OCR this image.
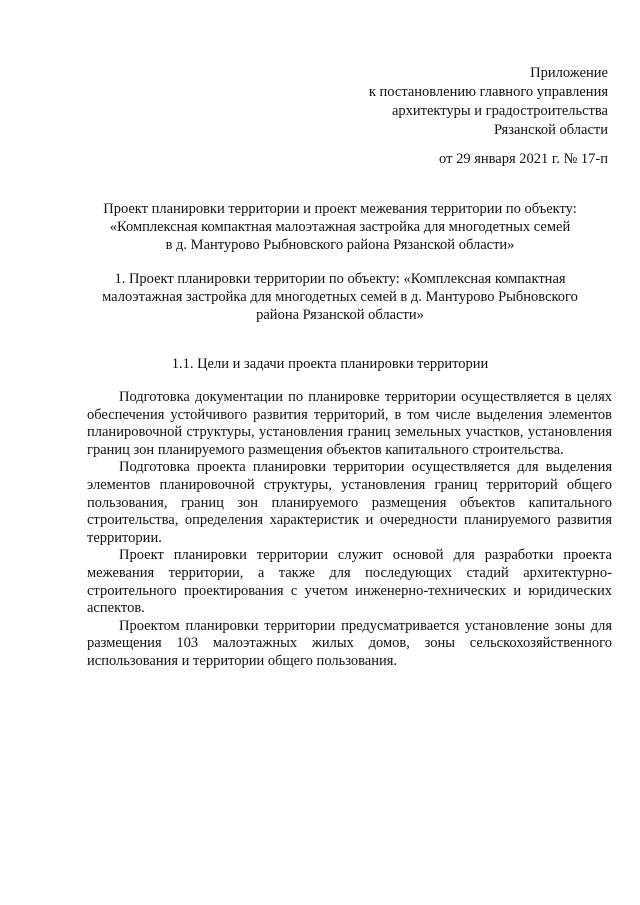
Приложение
к постановлению главного управления
архитектуры и градостроительства
Рязанской области
от 29 января 2021 г. № 17-п
Проект планировки территории и проект межевания территории по объекту:
«Комплексная компактная малоэтажная застройка для многодетных семей
в д. Мантурово Рыбновского района Рязанской области»
1. Проект планировки территории по объекту: «Комплексная компактная
малоэтажная застройка для многодетных семей в д. Мантурово Рыбновского
района Рязанской области»
1.1. Цели и задачи проекта планировки территории

Подготовка документации по планировке территории осуществляется в целях обеспечения устойчивого развития территорий, в том числе выделения элементов планировочной структуры, установления границ земельных участков, установления границ зон планируемого размещения объектов капитального строительства.

Подготовка проекта планировки территории осуществляется для выделения элементов планировочной структуры, установления границ территорий общего пользования, границ зон планируемого размещения объектов капитального строительства, определения характеристик и очередности планируемого развития территории.

Проект планировки территории служит основой для разработки проекта межевания территории, а также для последующих стадий архитектурно-строительного проектирования с учетом инженерно-технических и юридических аспектов.

Проектом планировки территории предусматривается установление зоны для размещения 103 малоэтажных жилых домов, зоны сельскохозяйственного использования и территории общего пользования.
